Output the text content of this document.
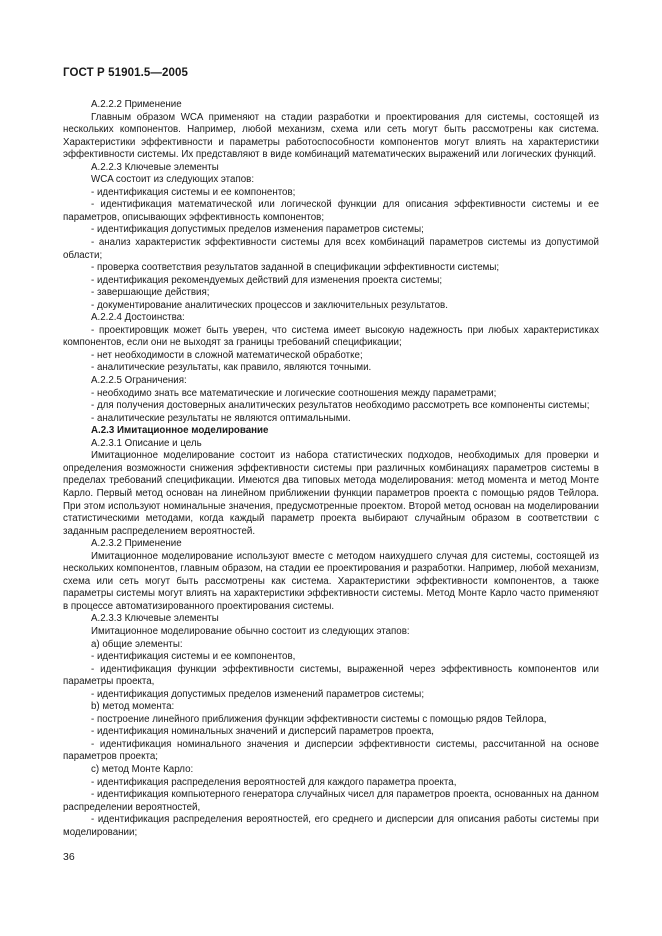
ГОСТ Р 51901.5—2005

A.2.2.2 Применение

Главным образом WCA применяют на стадии разработки и проектирования для системы, состоящей из нескольких компонентов. Например, любой механизм, схема или сеть могут быть рассмотрены как система. Характеристики эффективности и параметры работоспособности компонентов могут влиять на характеристики эффективности системы. Их представляют в виде комбинаций математических выражений или логических функций.

A.2.2.3 Ключевые элементы

WCA состоит из следующих этапов:

- идентификация системы и ее компонентов;

- идентификация математической или логической функции для описания эффективности системы и ее параметров, описывающих эффективность компонентов;

- идентификация допустимых пределов изменения параметров системы;

- анализ характеристик эффективности системы для всех комбинаций параметров системы из допустимой области;

- проверка соответствия результатов заданной в спецификации эффективности системы;

- идентификация рекомендуемых действий для изменения проекта системы;

- завершающие действия;

- документирование аналитических процессов и заключительных результатов.

A.2.2.4 Достоинства:

- проектировщик может быть уверен, что система имеет высокую надежность при любых характеристиках компонентов, если они не выходят за границы требований спецификации;

- нет необходимости в сложной математической обработке;

- аналитические результаты, как правило, являются точными.

A.2.2.5 Ограничения:

- необходимо знать все математические и логические соотношения между параметрами;

- для получения достоверных аналитических результатов необходимо рассмотреть все компоненты системы;

- аналитические результаты не являются оптимальными.

A.2.3 Имитационное моделирование

A.2.3.1 Описание и цель

Имитационное моделирование состоит из набора статистических подходов, необходимых для проверки и определения возможности снижения эффективности системы при различных комбинациях параметров системы в пределах требований спецификации. Имеются два типовых метода моделирования: метод момента и метод Монте Карло. Первый метод основан на линейном приближении функции параметров проекта с помощью рядов Тейлора. При этом используют номинальные значения, предусмотренные проектом. Второй метод основан на моделировании статистическими методами, когда каждый параметр проекта выбирают случайным образом в соответствии с заданным распределением вероятностей.

A.2.3.2 Применение

Имитационное моделирование используют вместе с методом наихудшего случая для системы, состоящей из нескольких компонентов, главным образом, на стадии ее проектирования и разработки. Например, любой механизм, схема или сеть могут быть рассмотрены как система. Характеристики эффективности компонентов, а также параметры системы могут влиять на характеристики эффективности системы. Метод Монте Карло часто применяют в процессе автоматизированного проектирования системы.

A.2.3.3 Ключевые элементы

Имитационное моделирование обычно состоит из следующих этапов:

a) общие элементы:

- идентификация системы и ее компонентов,

- идентификация функции эффективности системы, выраженной через эффективность компонентов или параметры проекта,

- идентификация допустимых пределов изменений параметров системы;

b) метод момента:

- построение линейного приближения функции эффективности системы с помощью рядов Тейлора,

- идентификация номинальных значений и дисперсий параметров проекта,

- идентификация номинального значения и дисперсии эффективности системы, рассчитанной на основе параметров проекта;

c) метод Монте Карло:

- идентификация распределения вероятностей для каждого параметра проекта,

- идентификация компьютерного генератора случайных чисел для параметров проекта, основанных на данном распределении вероятностей,

- идентификация распределения вероятностей, его среднего и дисперсии для описания работы системы при моделировании;

36
